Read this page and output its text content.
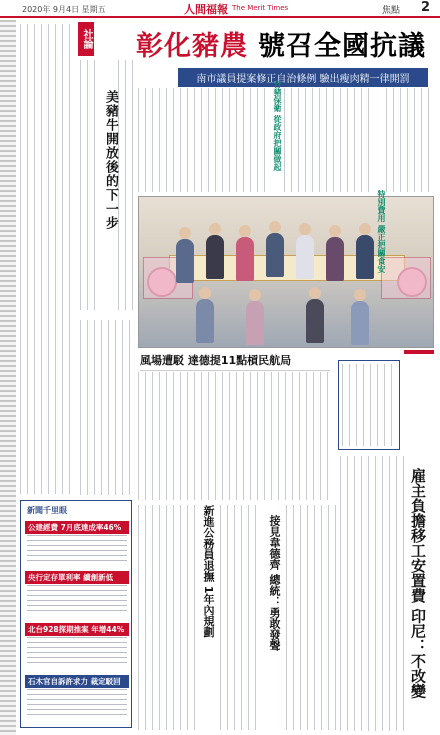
2020年 9月4日 星期五	人間福報 The Merit Times	焦點 2
社論
美豬牛開放後的下一步
彰化豬農 號召全國抗議
南市議員提案修正自治條例 驗出瘦肉精一律開罰
台豬保衛 從政府把關做起
特別費用 嚴正把關食安
風場遭駁 達德提11點槓民航局
雇主負擔移工安置費 印尼：不改變
新進公務員退撫 1年內規劃	接見韋德齊 總統：勇敢發聲
新聞千里眼
公建經費 7月底達成率46%
央行定存單利率 續創新低
北台928探期推案 年增44%
石木官自訴許求力 裁定駁回
